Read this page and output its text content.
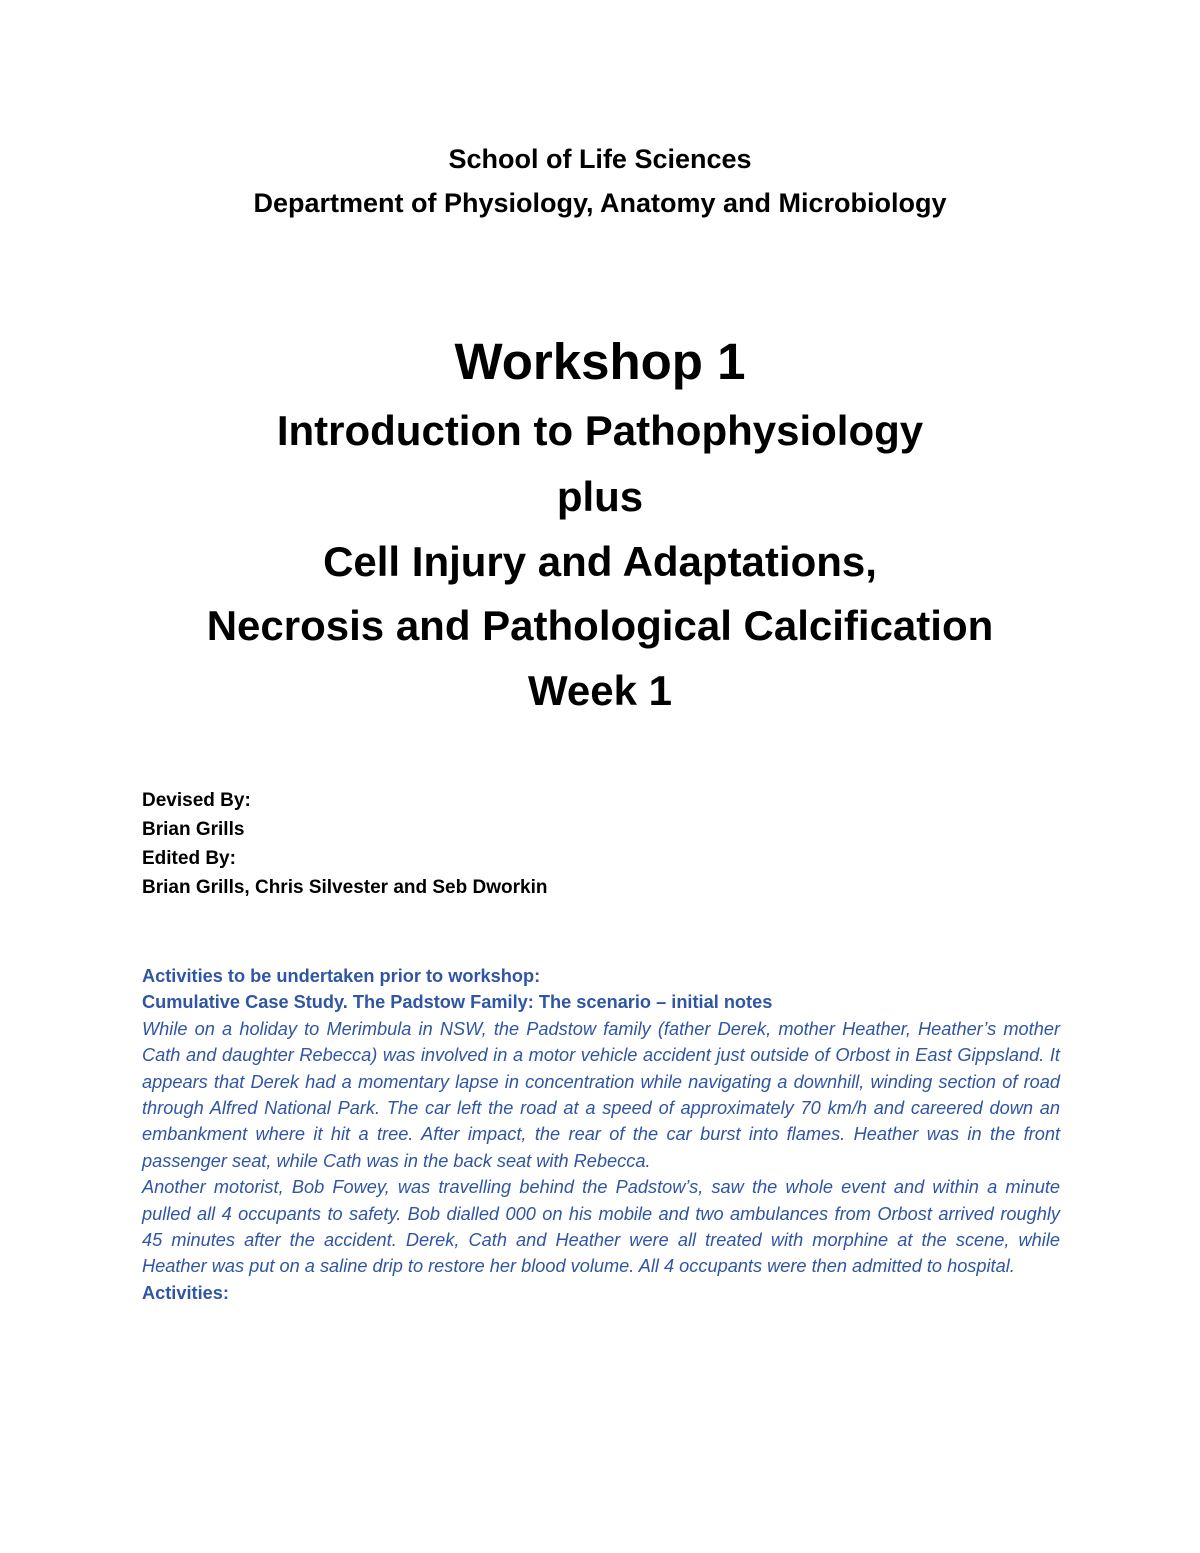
School of Life Sciences
Department of Physiology, Anatomy and Microbiology
Workshop 1
Introduction to Pathophysiology
plus
Cell Injury and Adaptations,
Necrosis and Pathological Calcification
Week 1
Devised By:
Brian Grills
Edited By:
Brian Grills, Chris Silvester and Seb Dworkin
Activities to be undertaken prior to workshop:
Cumulative Case Study. The Padstow Family: The scenario – initial notes
While on a holiday to Merimbula in NSW, the Padstow family (father Derek, mother Heather, Heather’s mother Cath and daughter Rebecca) was involved in a motor vehicle accident just outside of Orbost in East Gippsland. It appears that Derek had a momentary lapse in concentration while navigating a downhill, winding section of road through Alfred National Park. The car left the road at a speed of approximately 70 km/h and careered down an embankment where it hit a tree. After impact, the rear of the car burst into flames. Heather was in the front passenger seat, while Cath was in the back seat with Rebecca.
Another motorist, Bob Fowey, was travelling behind the Padstow’s, saw the whole event and within a minute pulled all 4 occupants to safety. Bob dialled 000 on his mobile and two ambulances from Orbost arrived roughly 45 minutes after the accident. Derek, Cath and Heather were all treated with morphine at the scene, while Heather was put on a saline drip to restore her blood volume. All 4 occupants were then admitted to hospital.
Activities:
